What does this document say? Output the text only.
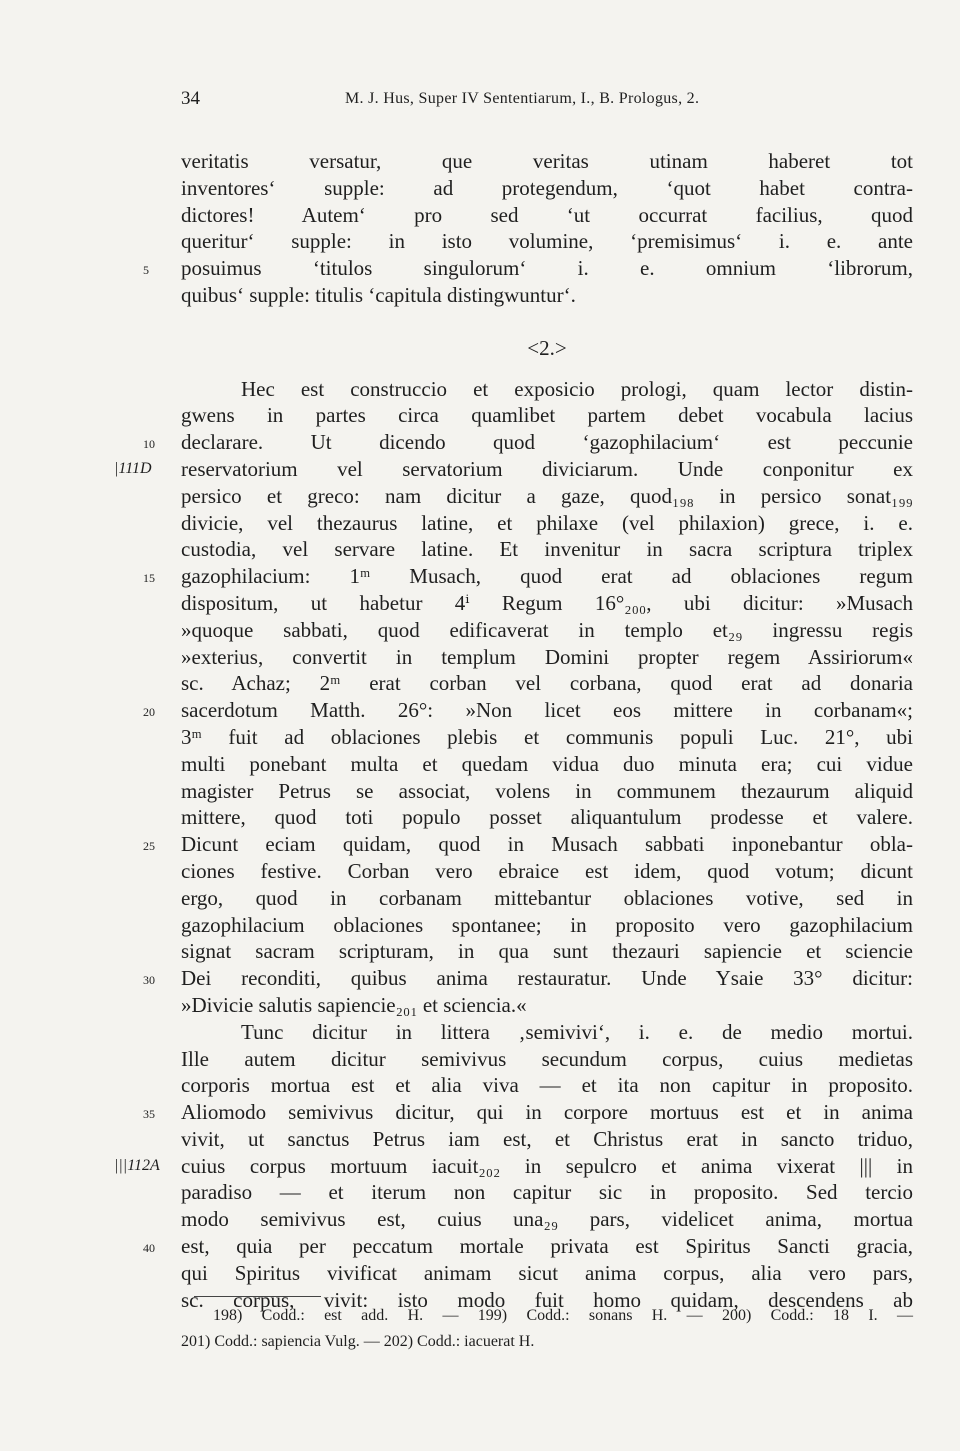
34	M. J. Hus, Super IV Sententiarum, I., B. Prologus, 2.
veritatis versatur, que veritas utinam haberet tot
inventores‘ supple: ad protegendum, ‘quot habet contra-
dictores! Autem‘ pro sed ‘ut occurrat facilius, quod
queritur‘ supple: in isto volumine, ‘premisimus‘ i. e. ante
5	posuimus ‘titulos singulorum‘ i. e. omnium ‘librorum,
quibus‘ supple: titulis ‘capitula distingwuntur‘.
<2.>
Hec est construccio et exposicio prologi, quam lector distin-
gwens in partes circa quamlibet partem debet vocabula lacius
10	declarare. Ut dicendo quod ‘gazophilacium‘ est peccunie
|111D reservatorium vel servatorium diviciarum. Unde conponitur ex
persico et greco: nam dicitur a gaze, quod₁₉₈ in persico sonat₁₉₉
divicie, vel thezaurus latine, et philaxe (vel philaxion) grece, i. e.
custodia, vel servare latine. Et invenitur in sacra scriptura triplex
15	gazophilacium: 1ᵐ Musach, quod erat ad oblaciones regum
dispositum, ut habetur 4ⁱ Regum 16°₂₀₀, ubi dicitur: »Musach
»quoque sabbati, quod edificaverat in templo et₂₉ ingressu regis
»exterius, convertit in templum Domini propter regem Assiriorum«
sc. Achaz; 2ᵐ erat corban vel corbana, quod erat ad donaria
20	sacerdotum Matth. 26°: »Non licet eos mittere in corbanam«;
3ᵐ fuit ad oblaciones plebis et communis populi Luc. 21°, ubi
multi ponebant multa et quedam vidua duo minuta era; cui vidue
magister Petrus se associat, volens in communem thezaurum aliquid
mittere, quod toti populo posset aliquantulum prodesse et valere.
25	Dicunt eciam quidam, quod in Musach sabbati inponebantur obla-
ciones festive. Corban vero ebraice est idem, quod votum; dicunt
ergo, quod in corbanam mittebantur oblaciones votive, sed in
gazophilacium oblaciones spontanee; in proposito vero gazophilacium
signat sacram scripturam, in qua sunt thezauri sapiencie et sciencie
30	Dei reconditi, quibus anima restauratur. Unde Ysaie 33° dicitur:
»Divicie salutis sapiencie₂₀₁ et sciencia.«
Tunc dicitur in littera ‚semivivi‘, i. e. de medio mortui.
Ille autem dicitur semivivus secundum corpus, cuius medietas
corporis mortua est et alia viva — et ita non capitur in proposito.
35	Aliomodo semivivus dicitur, qui in corpore mortuus est et in anima
vivit, ut sanctus Petrus iam est, et Christus erat in sancto triduo,
|||112A cuius corpus mortuum iacuit₂₀₂ in sepulcro et anima vixerat ||| in
paradiso — et iterum non capitur sic in proposito. Sed tercio
modo semivivus est, cuius una₂₉ pars, videlicet anima, mortua
40	est, quia per peccatum mortale privata est Spiritus Sancti gracia,
qui Spiritus vivificat animam sicut anima corpus, alia vero pars,
sc. corpus, vivit: isto modo fuit homo quidam, descendens ab
198) Codd.: est add. H. — 199) Codd.: sonans H. — 200) Codd.: 18 I. —
201) Codd.: sapiencia Vulg. — 202) Codd.: iacuerat H.
